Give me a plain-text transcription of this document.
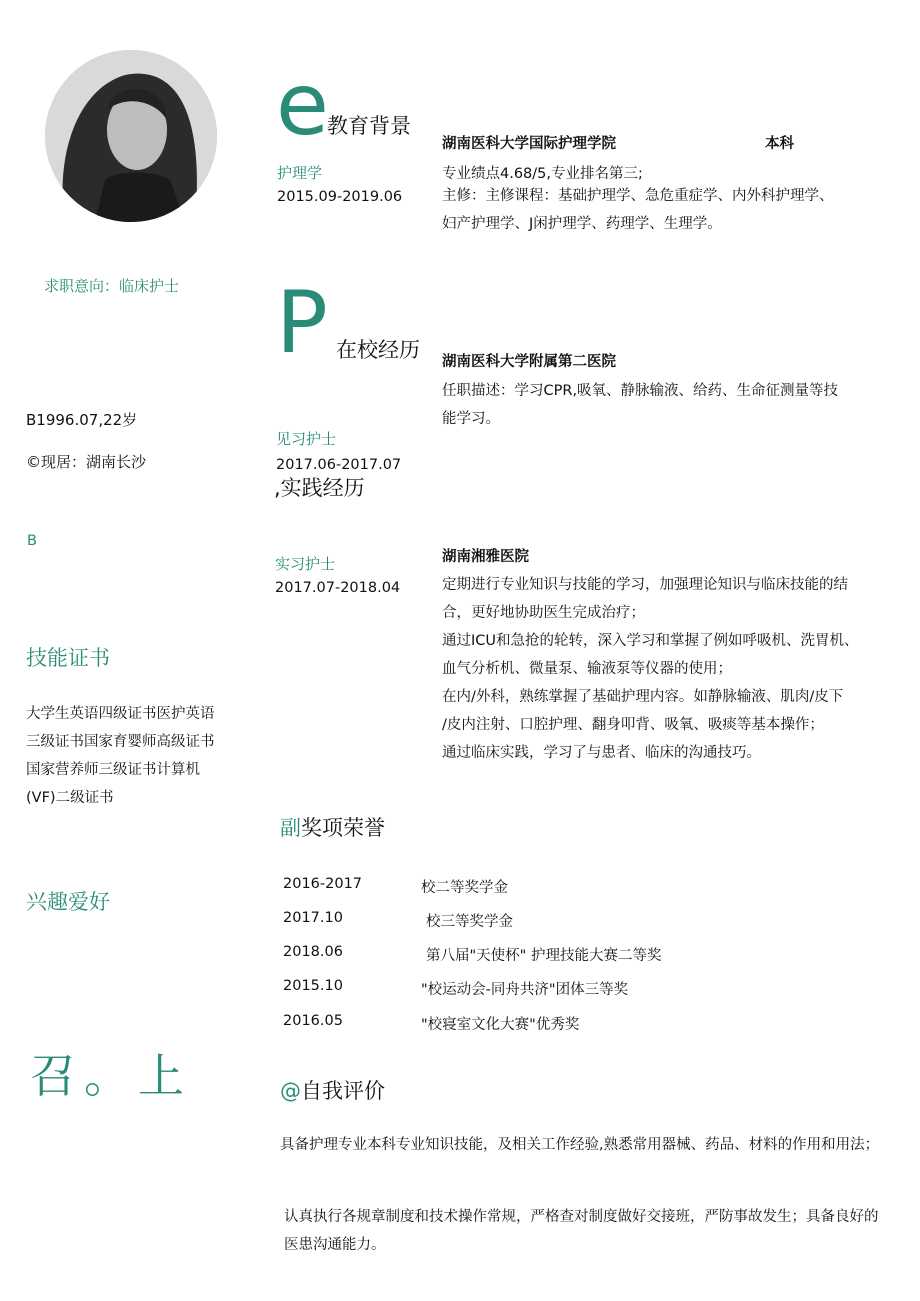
求职意向：临床护士
B1996.07,22岁
©现居：湖南长沙
B
技能证书
大学生英语四级证书医护英语三级证书国家育婴师高级证书国家营养师三级证书计算机(VF)二级证书
兴趣爱好
召。上
e
教育背景
护理学
2015.09-2019.06
湖南医科大学国际护理学院	本科
专业绩点4.68/5,专业排名第三;
主修：主修课程：基础护理学、急危重症学、内外科护理学、
妇产护理学、J闲护理学、药理学、生理学。
P 在校经历 湖南医科大学附属第二医院
任职描述：学习CPR,吸氧、静脉输液、给药、生命征测量等技
能学习。
见习护士
2017.06-2017.07
,实践经历
实习护士
2017.07-2018.04
湖南湘雅医院
定期进行专业知识与技能的学习，加强理论知识与临床技能的结
合，更好地协助医生完成治疗；
通过ICU和急抢的轮转，深入学习和掌握了例如呼吸机、洗胃机、
血气分析机、微量泵、输液泵等仪器的使用；
在内/外科，熟练掌握了基础护理内容。如静脉输液、肌肉/皮下
/皮内注射、口腔护理、翻身叩背、吸氧、吸痰等基本操作；
通过临床实践，学习了与患者、临床的沟通技巧。
副奖项荣誉
2016-2017	校二等奖学金
2017.10	校三等奖学金
2018.06	第八届"天使杯" 护理技能大赛二等奖
2015.10	"校运动会-同舟共济"团体三等奖
2016.05	"校寝室文化大赛"优秀奖
@自我评价
具备护理专业本科专业知识技能，及相关工作经验,熟悉常用器械、药品、材料的作用和用法；
认真执行各规章制度和技术操作常规，严格查对制度做好交接班，严防事故发生；具备良好的医患沟通能力。
